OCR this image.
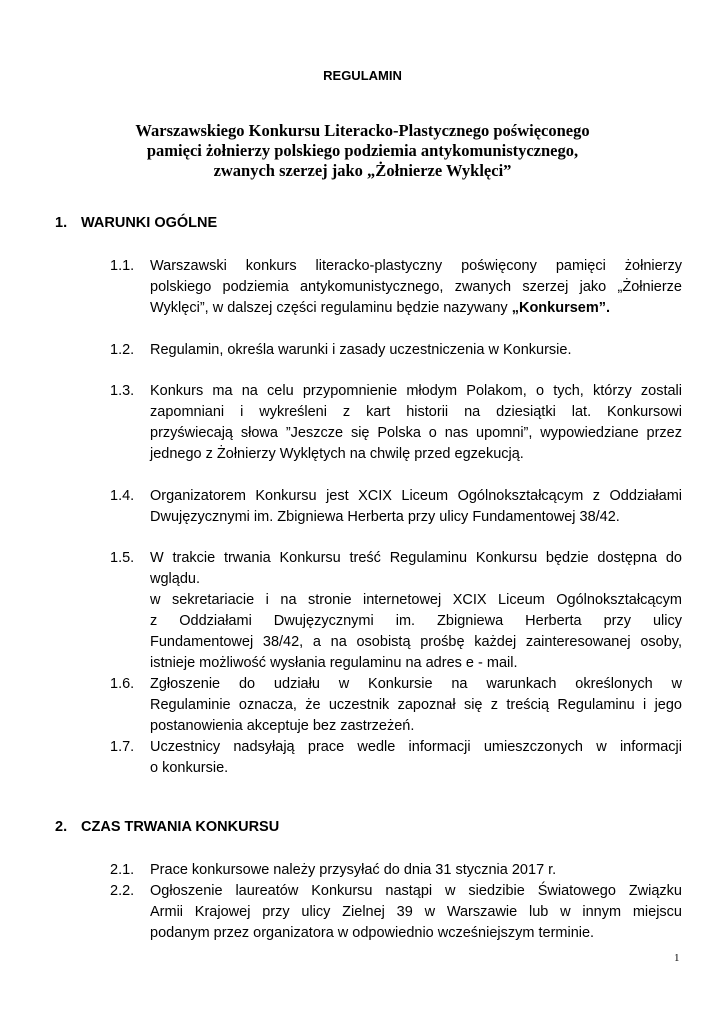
REGULAMIN
Warszawskiego Konkursu Literacko-Plastycznego poświęconego
pamięci żołnierzy polskiego podziemia antykomunistycznego,
zwanych szerzej jako „Żołnierze Wyklęci”
1. WARUNKI OGÓLNE
1.1.	Warszawski konkurs literacko-plastyczny poświęcony pamięci żołnierzy
polskiego podziemia antykomunistycznego, zwanych szerzej jako „Żołnierze
Wyklęci”, w dalszej części regulaminu będzie nazywany „Konkursem”.
1.2.	Regulamin, określa warunki i zasady uczestniczenia w Konkursie.
1.3.	Konkurs ma na celu przypomnienie młodym Polakom, o tych, którzy zostali
zapomniani i wykreśleni z kart historii na dziesiątki lat. Konkursowi
przyświecają słowa ”Jeszcze się Polska o nas upomni”, wypowiedziane przez
jednego z Żołnierzy Wyklętych na chwilę przed egzekucją.
1.4.	Organizatorem Konkursu jest XCIX Liceum Ogólnokształcącym z Oddziałami
Dwujęzycznymi im. Zbigniewa Herberta przy ulicy Fundamentowej 38/42.
1.5.	W trakcie trwania Konkursu treść Regulaminu Konkursu będzie dostępna do
wglądu.
w sekretariacie i na stronie internetowej XCIX Liceum Ogólnokształcącym
z Oddziałami Dwujęzycznymi im. Zbigniewa Herberta przy ulicy
Fundamentowej 38/42, a na osobistą prośbę każdej zainteresowanej osoby,
istnieje możliwość wysłania regulaminu na adres e - mail.
1.6.	Zgłoszenie do udziału w Konkursie na warunkach określonych w
Regulaminie oznacza, że uczestnik zapoznał się z treścią Regulaminu i jego
postanowienia akceptuje bez zastrzeżeń.
1.7.	Uczestnicy nadsyłają prace wedle informacji umieszczonych w informacji
o konkursie.
2. CZAS TRWANIA KONKURSU
2.1.	Prace konkursowe należy przysyłać do dnia 31 stycznia 2017 r.
2.2.	Ogłoszenie laureatów Konkursu nastąpi w siedzibie Światowego Związku
Armii Krajowej przy ulicy Zielnej 39 w Warszawie lub w innym miejscu
podanym przez organizatora w odpowiednio wcześniejszym terminie.
1
